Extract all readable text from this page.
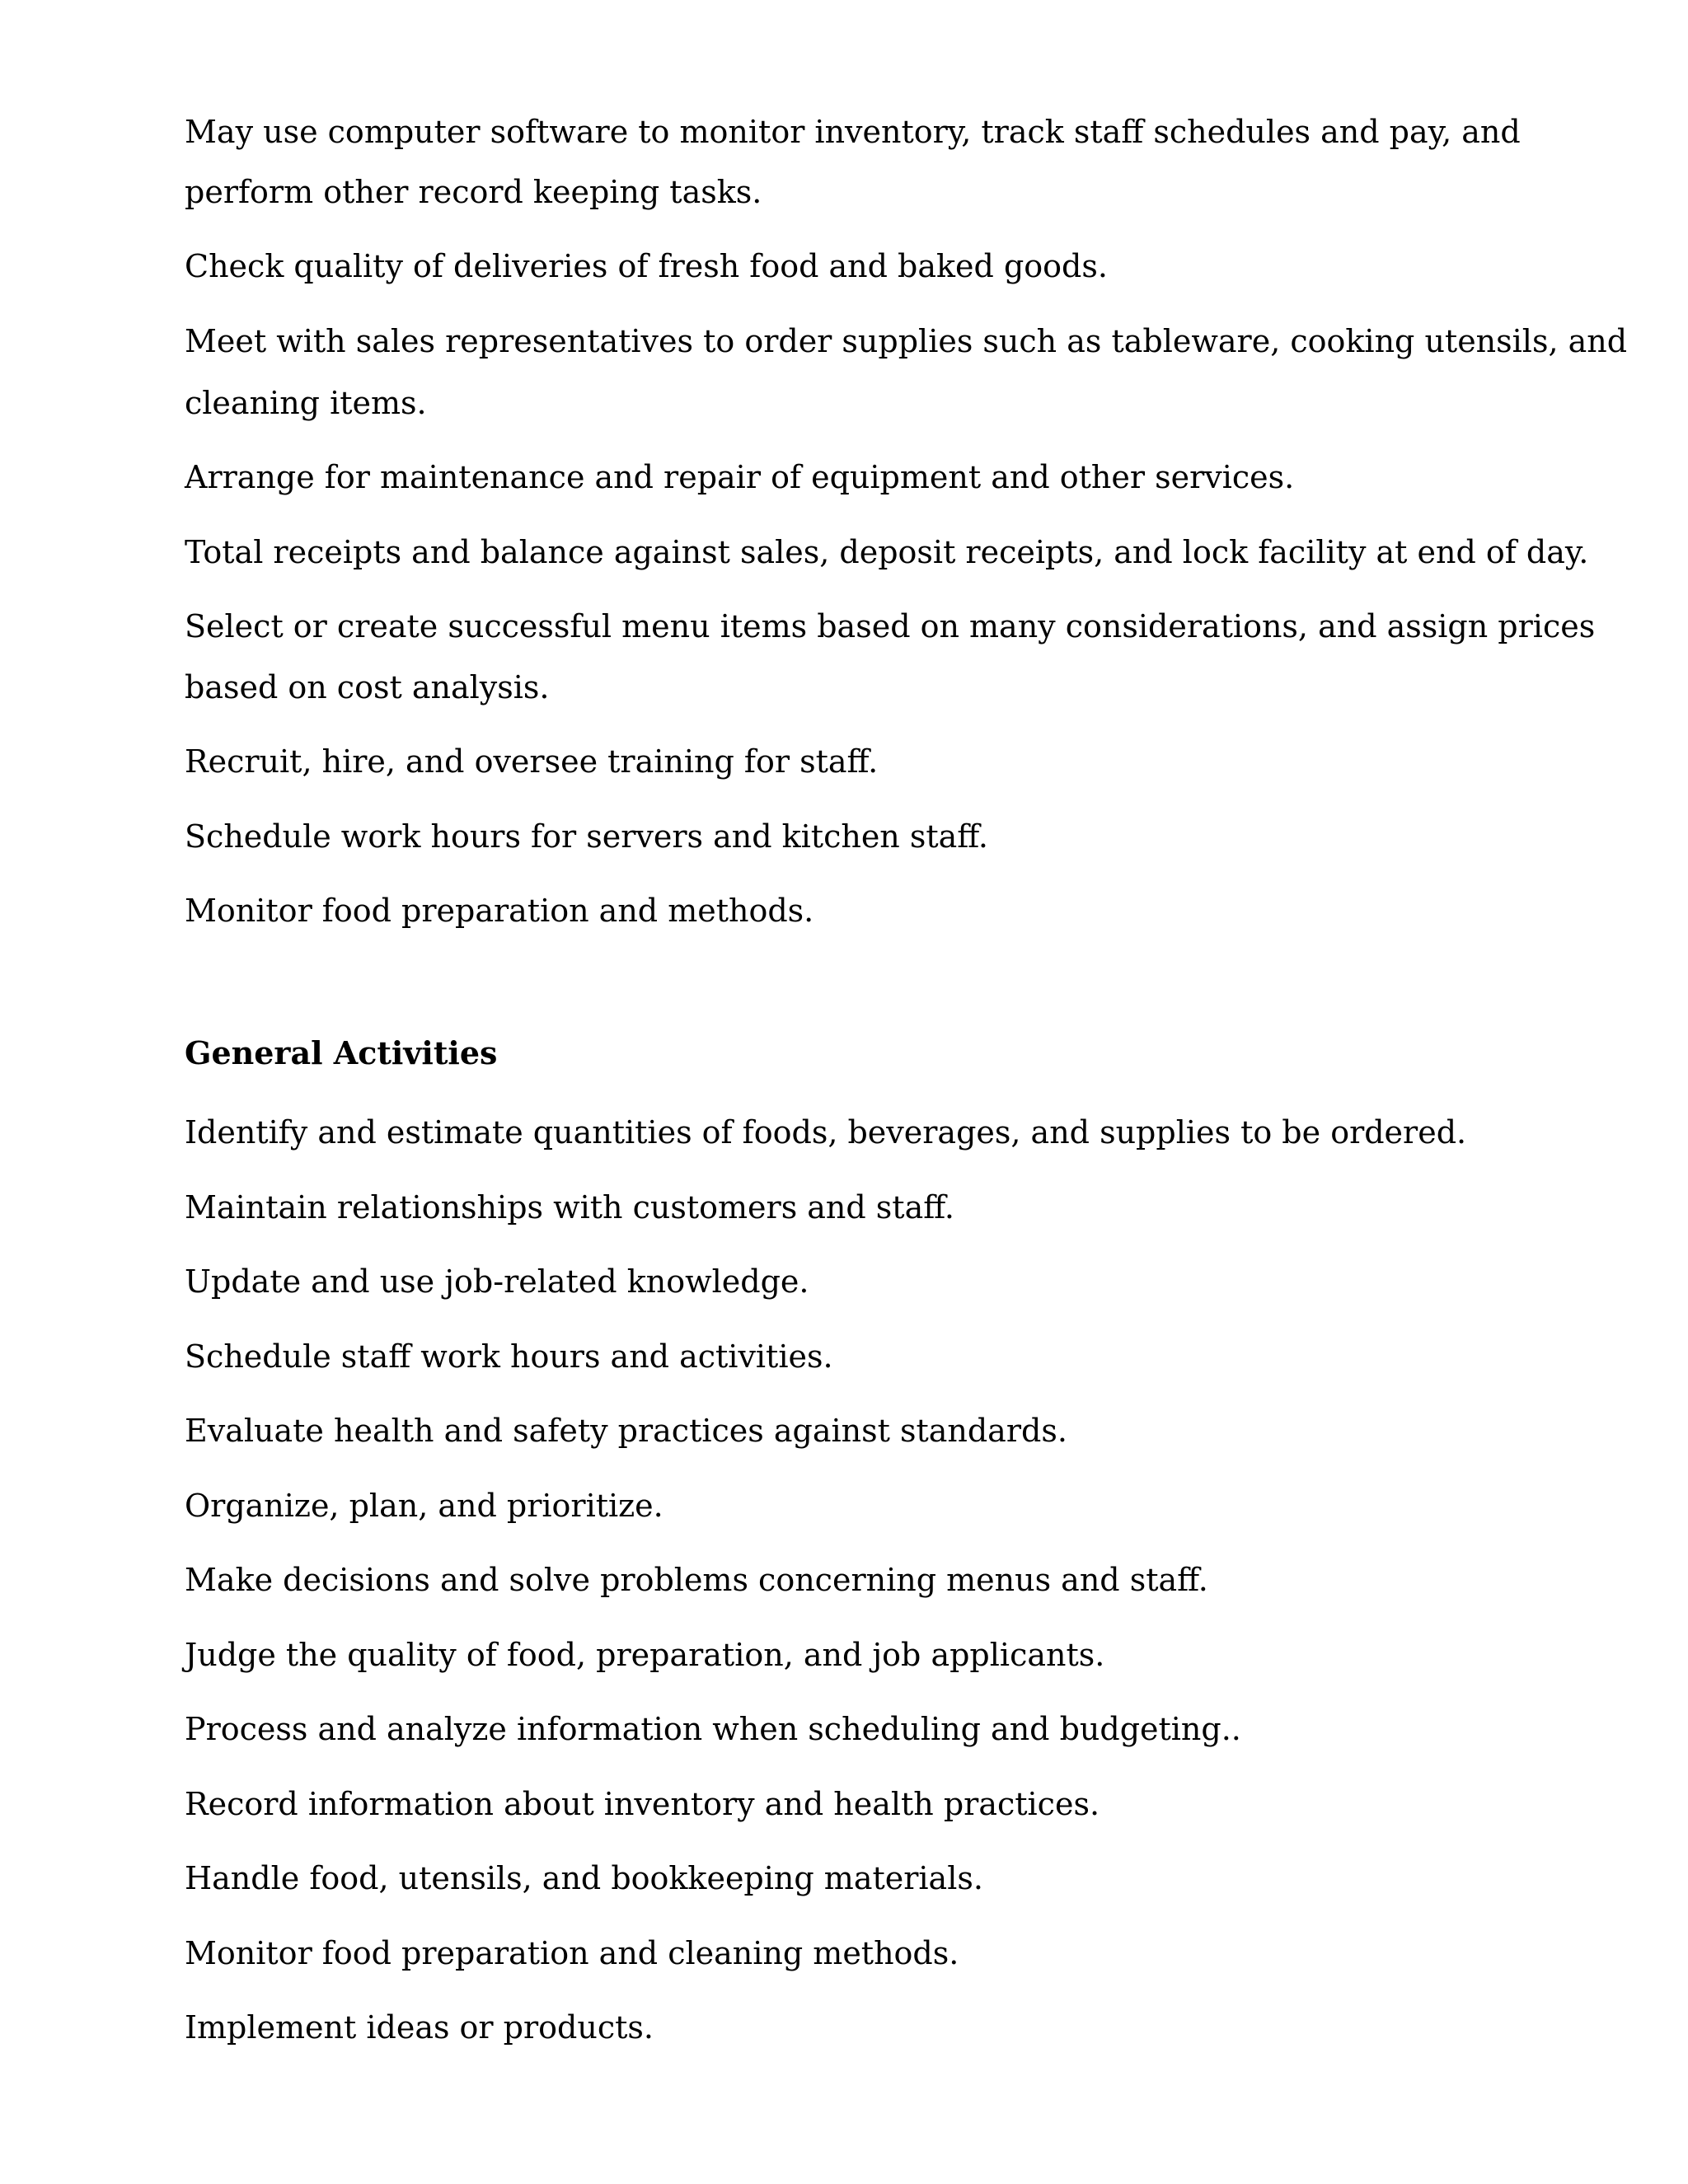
May use computer software to monitor inventory, track staff schedules and pay, and
perform other record keeping tasks.
Check quality of deliveries of fresh food and baked goods.
Meet with sales representatives to order supplies such as tableware, cooking utensils, and
cleaning items.
Arrange for maintenance and repair of equipment and other services.
Total receipts and balance against sales, deposit receipts, and lock facility at end of day.
Select or create successful menu items based on many considerations, and assign prices
based on cost analysis.
Recruit, hire, and oversee training for staff.
Schedule work hours for servers and kitchen staff.
Monitor food preparation and methods.
General Activities
Identify and estimate quantities of foods, beverages, and supplies to be ordered.
Maintain relationships with customers and staff.
Update and use job-related knowledge.
Schedule staff work hours and activities.
Evaluate health and safety practices against standards.
Organize, plan, and prioritize.
Make decisions and solve problems concerning menus and staff.
Judge the quality of food, preparation, and job applicants.
Process and analyze information when scheduling and budgeting..
Record information about inventory and health practices.
Handle food, utensils, and bookkeeping materials.
Monitor food preparation and cleaning methods.
Implement ideas or products.
